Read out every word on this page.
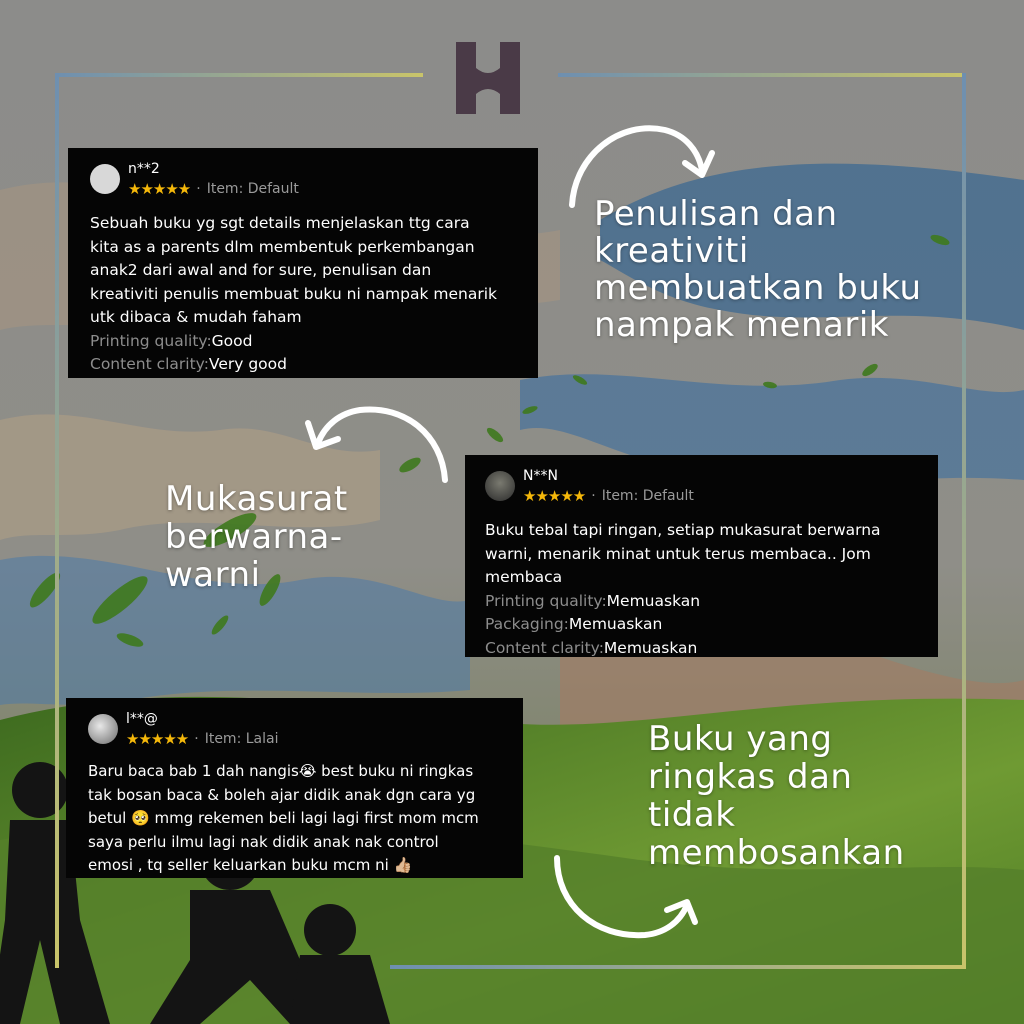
n**2
★★★★★ · Item: Default
Sebuah buku yg sgt details menjelaskan ttg cara
kita as a parents dlm membentuk perkembangan
anak2 dari awal and for sure, penulisan dan
kreativiti penulis membuat buku ni nampak menarik
utk dibaca & mudah faham
Printing quality:Good
Content clarity:Very good
N**N
★★★★★ · Item: Default
Buku tebal tapi ringan, setiap mukasurat berwarna
warni, menarik minat untuk terus membaca.. Jom
membaca
Printing quality:Memuaskan
Packaging:Memuaskan
Content clarity:Memuaskan
l**@
★★★★★ · Item: Lalai
Baru baca bab 1 dah nangis😭 best buku ni ringkas
tak bosan baca & boleh ajar didik anak dgn cara yg
betul 🥺 mmg rekemen beli lagi lagi first mom mcm
saya perlu ilmu lagi nak didik anak nak control
emosi , tq seller keluarkan buku mcm ni 👍🏼
Penulisan dan
kreativiti
membuatkan buku
nampak menarik
Mukasurat
berwarna-
warni
Buku yang
ringkas dan
tidak
membosankan
